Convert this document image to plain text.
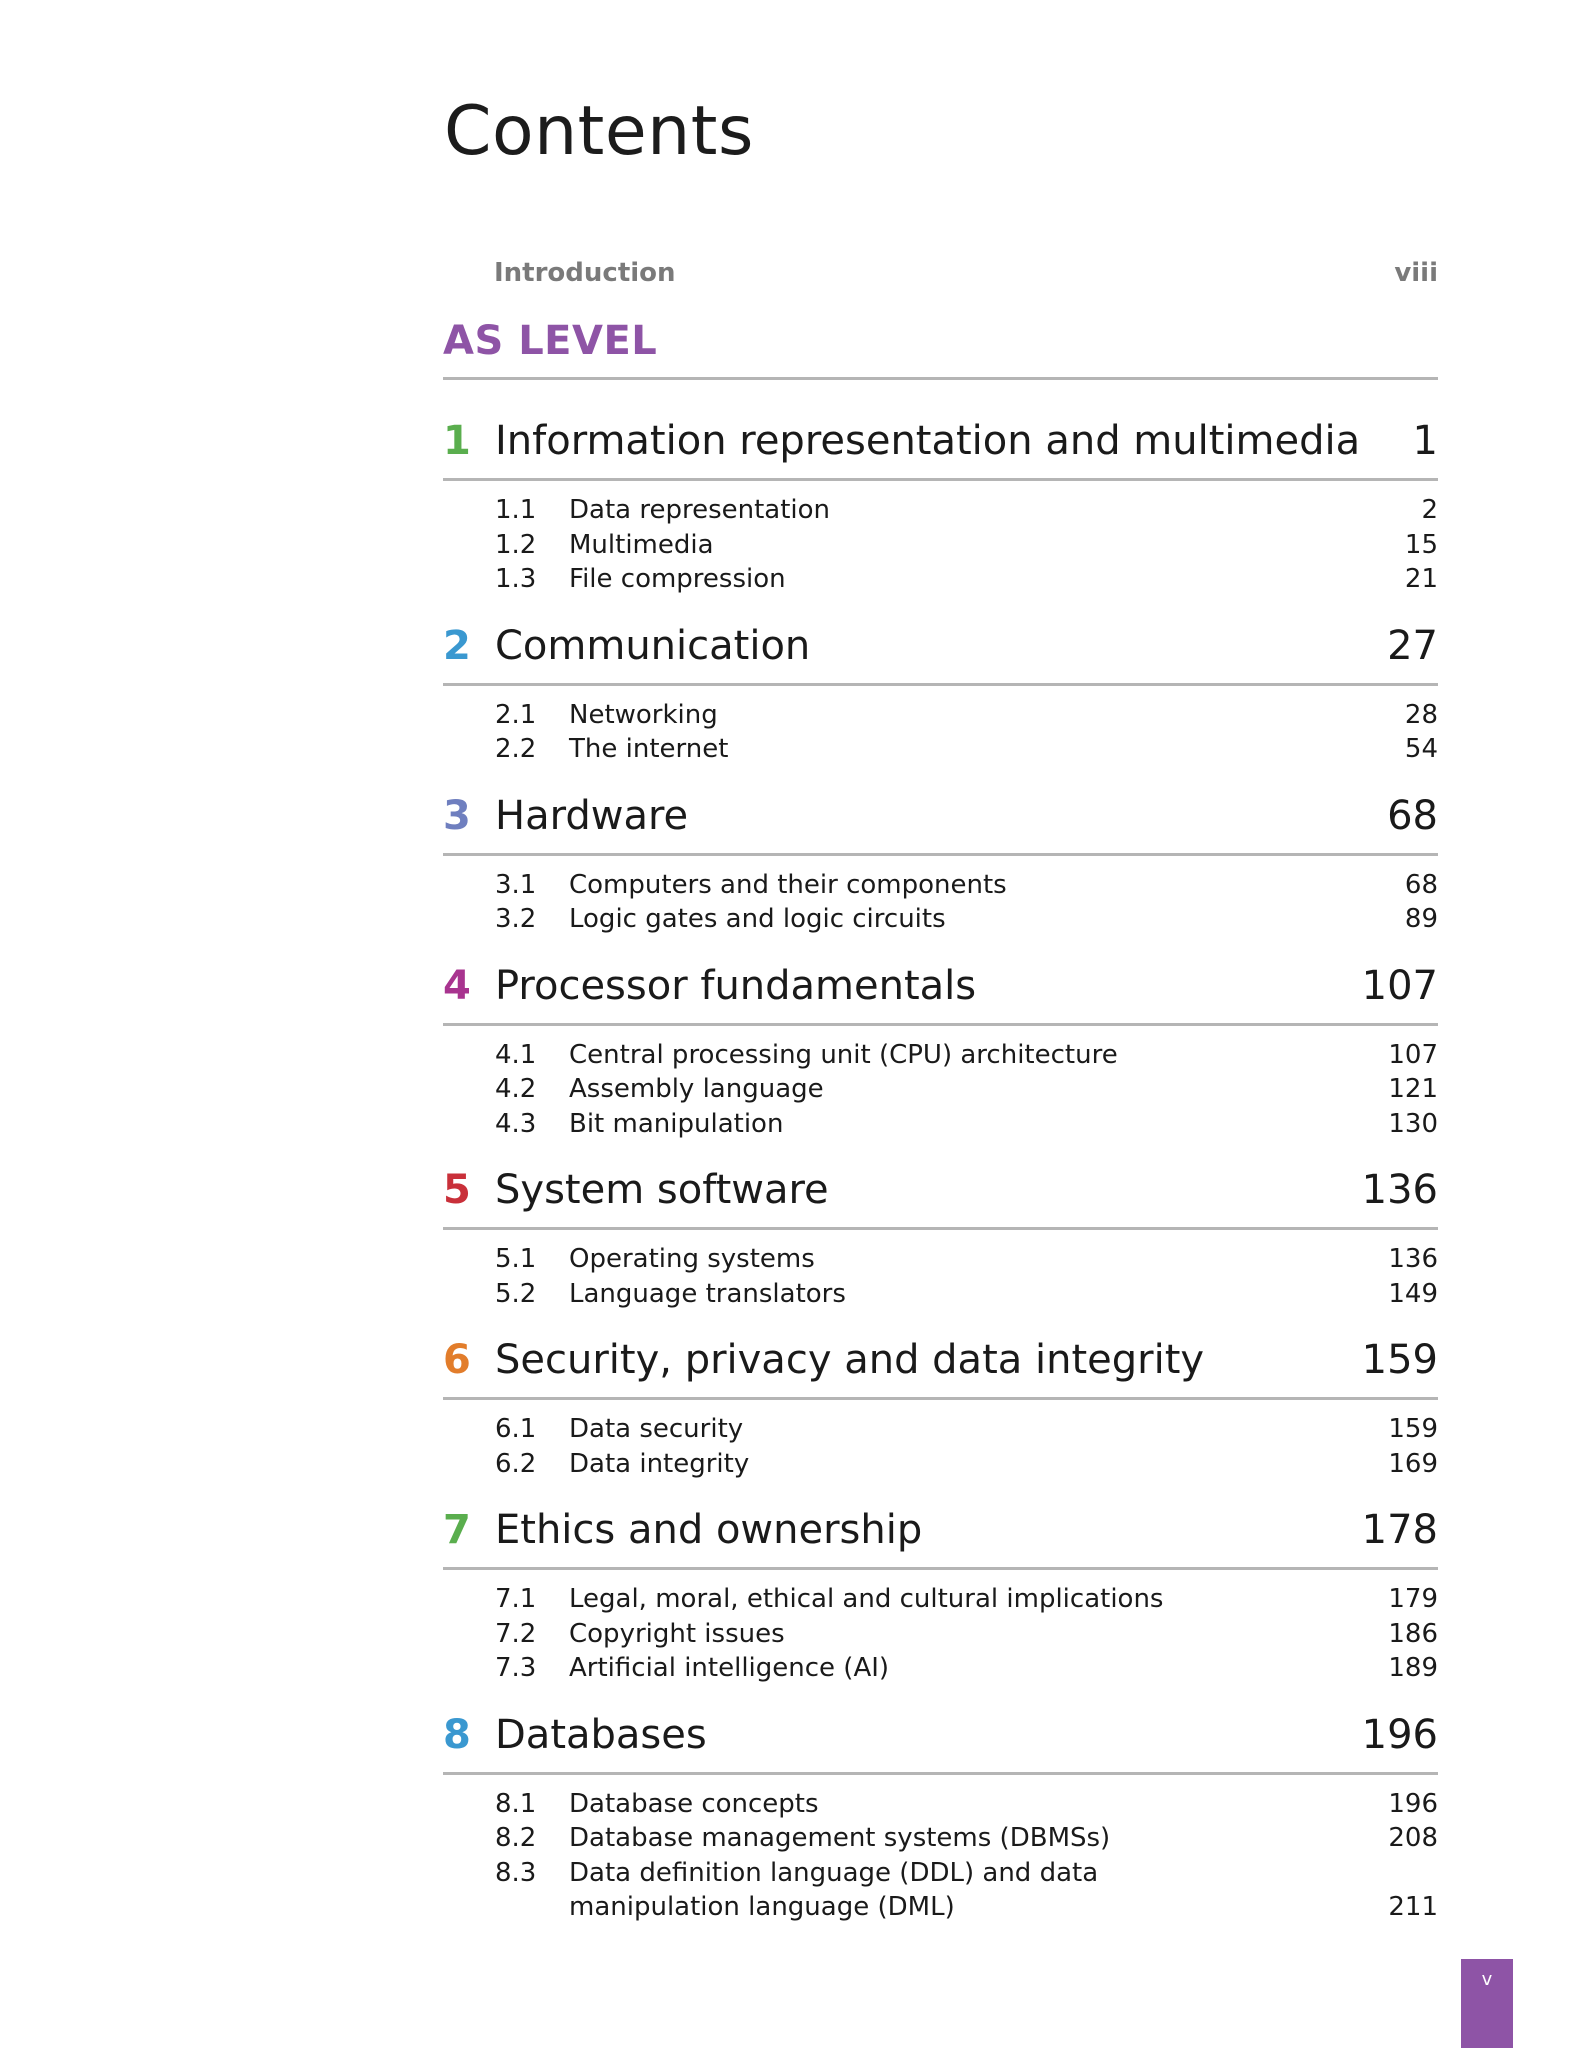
Contents
Introduction	viii
AS LEVEL
1 Information representation and multimedia	1
1.1	Data representation	2
1.2	Multimedia	15
1.3	File compression	21
2 Communication	27
2.1	Networking	28
2.2	The internet	54
3 Hardware	68
3.1	Computers and their components	68
3.2	Logic gates and logic circuits	89
4 Processor fundamentals	107
4.1	Central processing unit (CPU) architecture	107
4.2	Assembly language	121
4.3	Bit manipulation	130
5 System software	136
5.1	Operating systems	136
5.2	Language translators	149
6 Security, privacy and data integrity	159
6.1	Data security	159
6.2	Data integrity	169
7 Ethics and ownership	178
7.1	Legal, moral, ethical and cultural implications	179
7.2	Copyright issues	186
7.3	Artificial intelligence (AI)	189
8 Databases	196
8.1	Database concepts	196
8.2	Database management systems (DBMSs)	208
8.3	Data definition language (DDL) and data manipulation language (DML)	211
v
